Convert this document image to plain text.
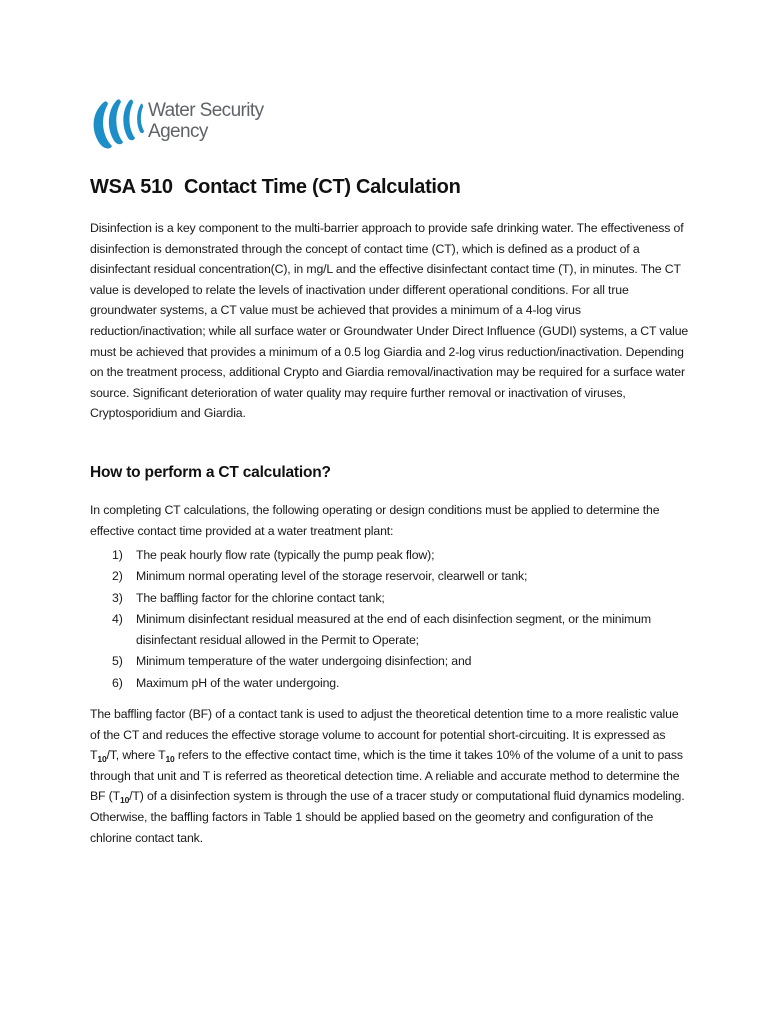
Water Security
Agency
WSA 510 Contact Time (CT) Calculation

Disinfection is a key component to the multi-barrier approach to provide safe drinking water. The effectiveness of disinfection is demonstrated through the concept of contact time (CT), which is defined as a product of a disinfectant residual concentration(C), in mg/L and the effective disinfectant contact time (T), in minutes. The CT value is developed to relate the levels of inactivation under different operational conditions. For all true groundwater systems, a CT value must be achieved that provides a minimum of a 4-log virus reduction/inactivation; while all surface water or Groundwater Under Direct Influence (GUDI) systems, a CT value must be achieved that provides a minimum of a 0.5 log Giardia and 2-log virus reduction/inactivation. Depending on the treatment process, additional Crypto and Giardia removal/inactivation may be required for a surface water source. Significant deterioration of water quality may require further removal or inactivation of viruses, Cryptosporidium and Giardia.

How to perform a CT calculation?

In completing CT calculations, the following operating or design conditions must be applied to determine the effective contact time provided at a water treatment plant:

1) The peak hourly flow rate (typically the pump peak flow);
2) Minimum normal operating level of the storage reservoir, clearwell or tank;
3) The baffling factor for the chlorine contact tank;
4) Minimum disinfectant residual measured at the end of each disinfection segment, or the minimum disinfectant residual allowed in the Permit to Operate;
5) Minimum temperature of the water undergoing disinfection; and
6) Maximum pH of the water undergoing.

The baffling factor (BF) of a contact tank is used to adjust the theoretical detention time to a more realistic value of the CT and reduces the effective storage volume to account for potential short-circuiting. It is expressed as $T_{10}/T$, where $T_{10}$ refers to the effective contact time, which is the time it takes 10% of the volume of a unit to pass through that unit and T is referred as theoretical detection time. A reliable and accurate method to determine the BF $(T_{10}/T)$ of a disinfection system is through the use of a tracer study or computational fluid dynamics modeling. Otherwise, the baffling factors in Table 1 should be applied based on the geometry and configuration of the chlorine contact tank.
